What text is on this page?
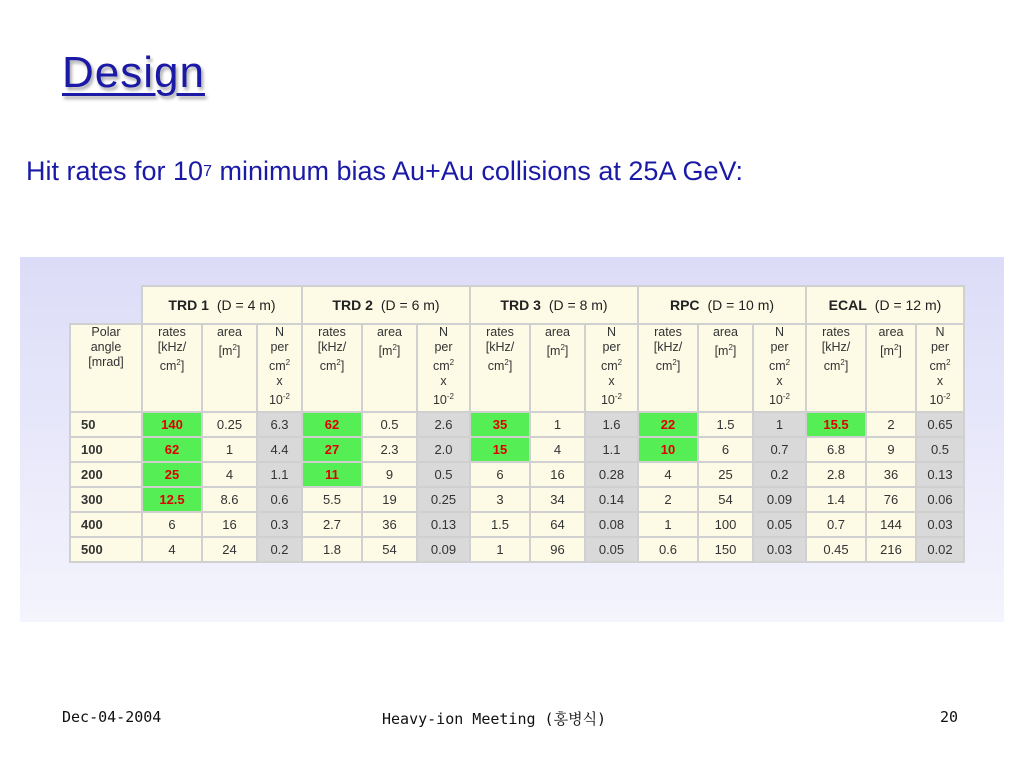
Design
Hit rates for $10^7$ minimum bias Au+Au collisions at 25A GeV:
	TRD 1 (D = 4 m)			TRD 2 (D = 6 m)			TRD 3 (D = 8 m)			RPC (D = 10 m)			ECAL (D = 12 m)		
Polar
angle
[mrad]	rates
[kHz/
$cm^2$]	area
$[m^2]$	N
per
$cm^2$
x
$10^{-2}$	rates
[kHz/
$cm^2$]	area
$[m^2]$	N
per
$cm^2$
x
$10^{-2}$	rates
[kHz/
$cm^2$]	area
$[m^2]$	N
per
$cm^2$
x
$10^{-2}$	rates
[kHz/
$cm^2$]	area
$[m^2]$	N
per
$cm^2$
x
$10^{-2}$	rates
[kHz/
$cm^2$]	area
$[m^2]$	N
per
$cm^2$
x
$10^{-2}$
50	140	0.25	6.3	62	0.5	2.6	35	1	1.6	22	1.5	1	15.5	2	0.65
100	62	1	4.4	27	2.3	2.0	15	4	1.1	10	6	0.7	6.8	9	0.5
200	25	4	1.1	11	9	0.5	6	16	0.28	4	25	0.2	2.8	36	0.13
300	12.5	8.6	0.6	5.5	19	0.25	3	34	0.14	2	54	0.09	1.4	76	0.06
400	6	16	0.3	2.7	36	0.13	1.5	64	0.08	1	100	0.05	0.7	144	0.03
500	4	24	0.2	1.8	54	0.09	1	96	0.05	0.6	150	0.03	0.45	216	0.02
Dec-04-2004	Heavy-ion Meeting (홍병식)	20
